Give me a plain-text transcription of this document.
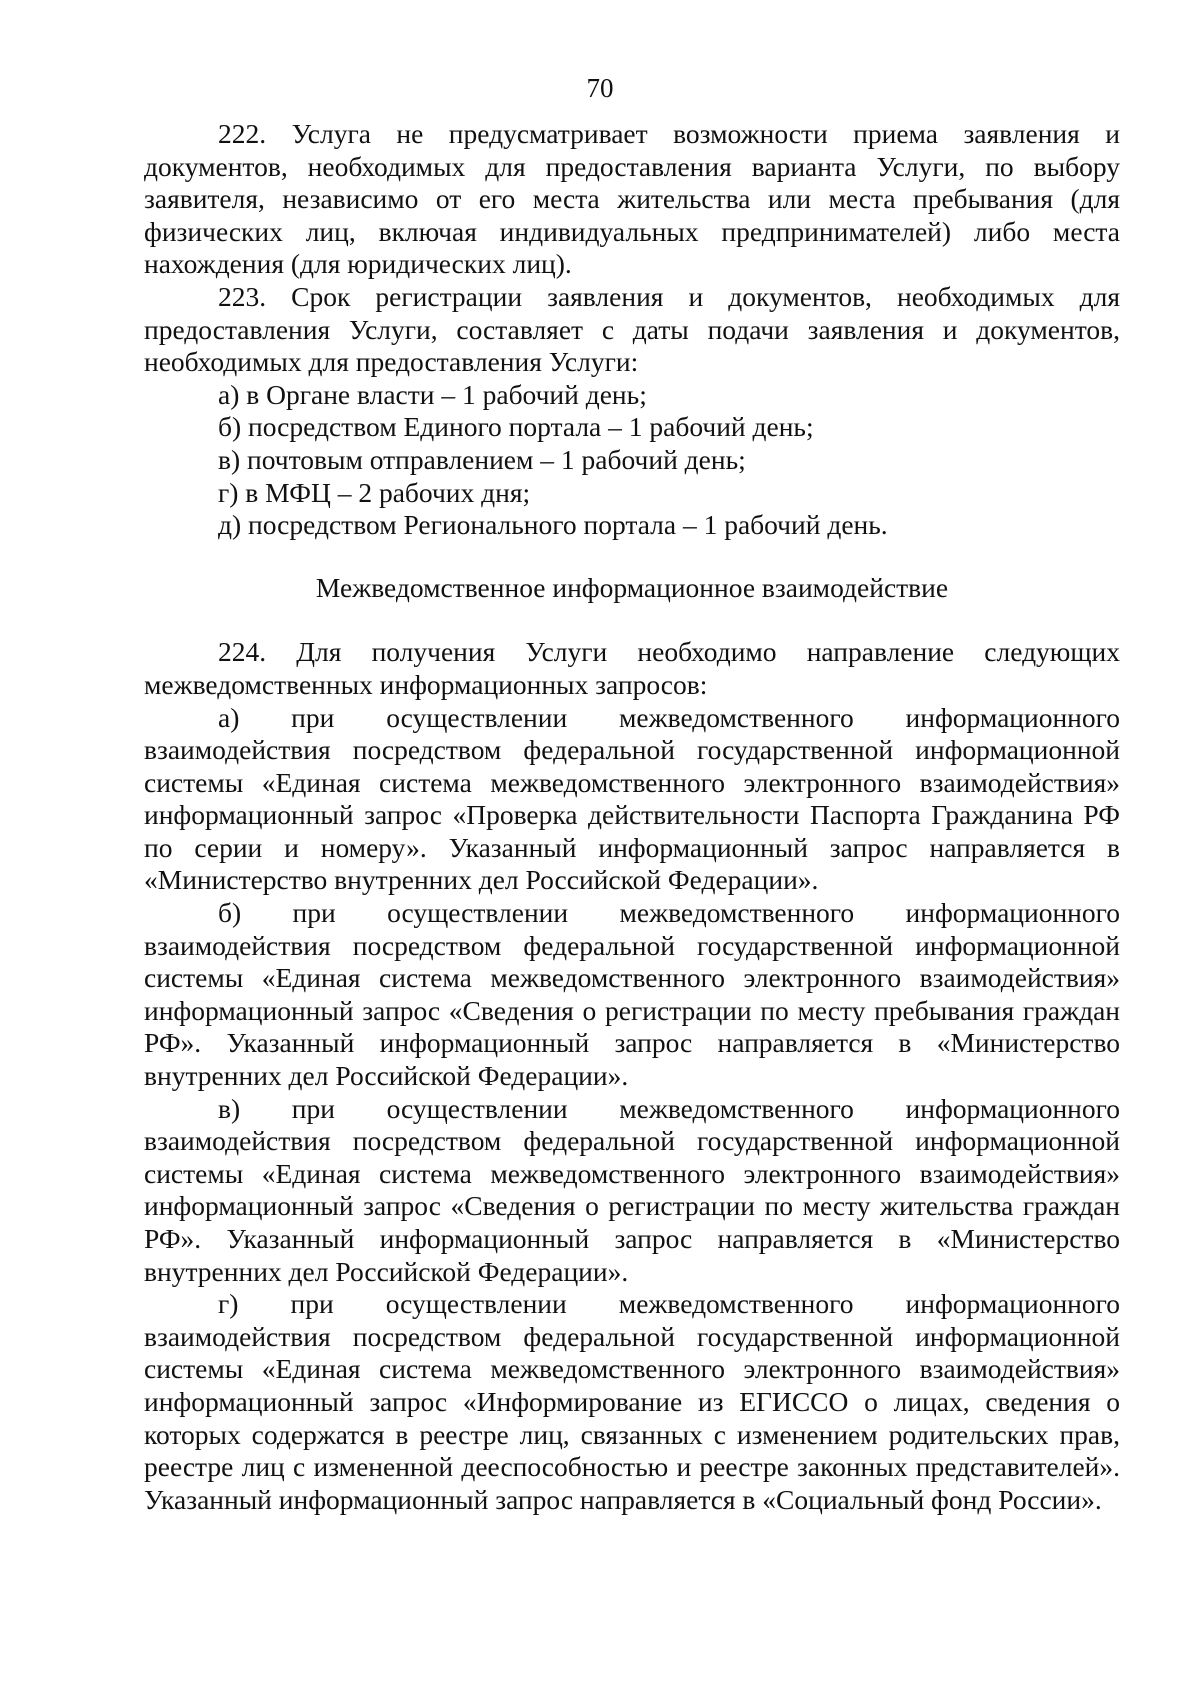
70

222. Услуга не предусматривает возможности приема заявления и документов, необходимых для предоставления варианта Услуги, по выбору заявителя, независимо от его места жительства или места пребывания (для физических лиц, включая индивидуальных предпринимателей) либо места нахождения (для юридических лиц).

223. Срок регистрации заявления и документов, необходимых для предоставления Услуги, составляет с даты подачи заявления и документов, необходимых для предоставления Услуги:

а) в Органе власти – 1 рабочий день;

б) посредством Единого портала – 1 рабочий день;

в) почтовым отправлением – 1 рабочий день;

г) в МФЦ – 2 рабочих дня;

д) посредством Регионального портала – 1 рабочий день.

Межведомственное информационное взаимодействие

224. Для получения Услуги необходимо направление следующих межведомственных информационных запросов:

а) при осуществлении межведомственного информационного взаимодействия посредством федеральной государственной информационной системы «Единая система межведомственного электронного взаимодействия» информационный запрос «Проверка действительности Паспорта Гражданина РФ по серии и номеру». Указанный информационный запрос направляется в «Министерство внутренних дел Российской Федерации».

б) при осуществлении межведомственного информационного взаимодействия посредством федеральной государственной информационной системы «Единая система межведомственного электронного взаимодействия» информационный запрос «Сведения о регистрации по месту пребывания граждан РФ». Указанный информационный запрос направляется в «Министерство внутренних дел Российской Федерации».

в) при осуществлении межведомственного информационного взаимодействия посредством федеральной государственной информационной системы «Единая система межведомственного электронного взаимодействия» информационный запрос «Сведения о регистрации по месту жительства граждан РФ». Указанный информационный запрос направляется в «Министерство внутренних дел Российской Федерации».

г) при осуществлении межведомственного информационного взаимодействия посредством федеральной государственной информационной системы «Единая система межведомственного электронного взаимодействия» информационный запрос «Информирование из ЕГИССО о лицах, сведения о которых содержатся в реестре лиц, связанных с изменением родительских прав, реестре лиц с измененной дееспособностью и реестре законных представителей». Указанный информационный запрос направляется в «Социальный фонд России».
